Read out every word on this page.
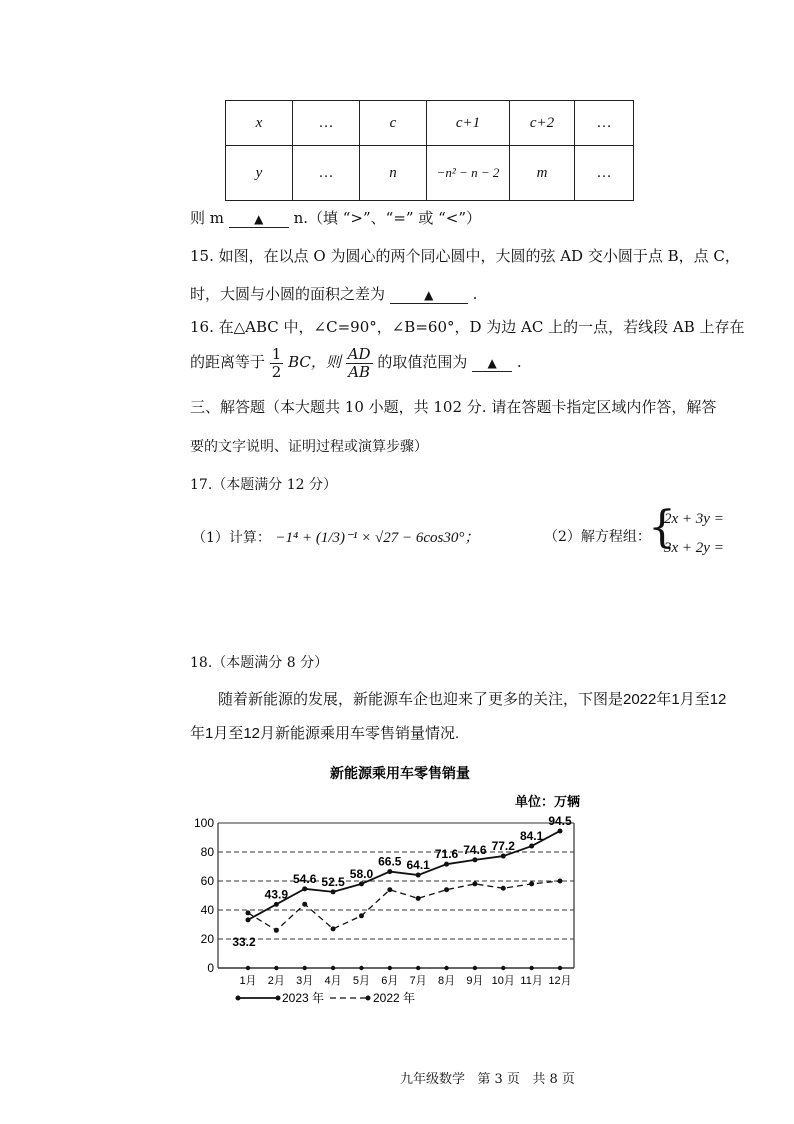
x	…	c	c+1	c+2	…
y	…	n	−n² − n − 2	m	…
则 m	▲ n.（填 “>”、“=” 或 “<”）
15. 如图，在以点 O 为圆心的两个同心圆中，大圆的弦 AD 交小圆于点 B，点 C，
时，大圆与小圆的面积之差为	▲	.
16. 在△ABC 中，∠C=90°，∠B=60°，D 为边 AC 上的一点，若线段 AB 上存在
的距离等于 $\frac{1}{2}$ BC，则 $\frac{AD}{AB}$ 的取值范围为 ▲ .
三、解答题（本大题共 10 小题，共 102 分. 请在答题卡指定区域内作答，解答
要的文字说明、证明过程或演算步骤）
17.（本题满分 12 分）
（1）计算： −1⁴ + (1/3)⁻¹ × √27 − 6cos30°；	（2）解方程组：
{
2x + 3y =
3x + 2y =
18.（本题满分 8 分）
随着新能源的发展，新能源车企也迎来了更多的关注，下图是2022年1月至12
年1月至12月新能源乘用车零售销量情况.
新能源乘用车零售销量
单位：万辆
0
20
40
60
80
100
1月 2月 3月 4月 5月 6月 7月 8月 9月 10月 11月 12月
33.2
43.9
54.6 52.5
58.0
66.5 64.1
71.6 74.6 77.2
84.1
94.5
2023 年	2022 年
九年级数学   第 3 页   共 8 页
